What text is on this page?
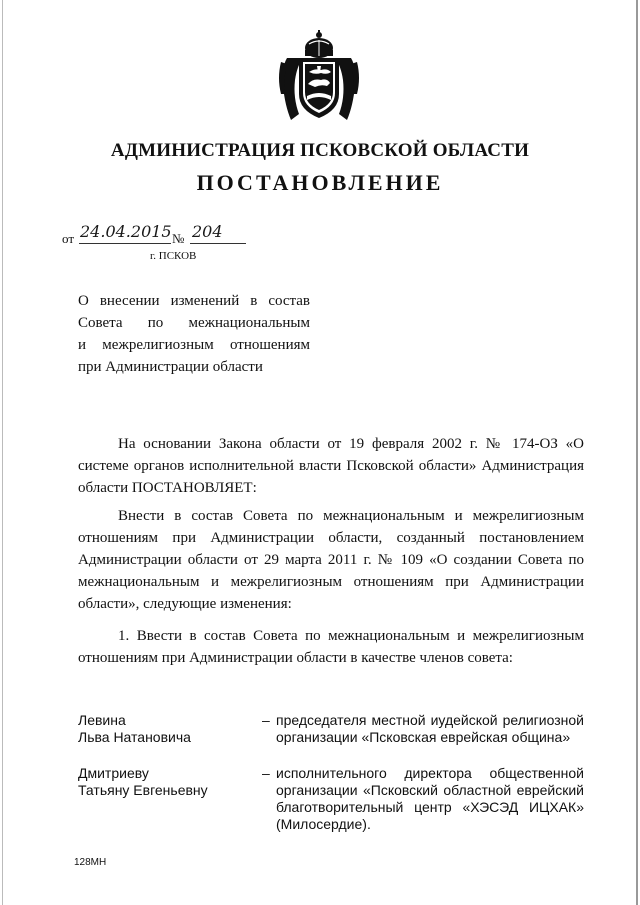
АДМИНИСТРАЦИЯ ПСКОВСКОЙ ОБЛАСТИ
ПОСТАНОВЛЕНИЕ
от 24.04.2015 № 204
г. ПСКОВ
О внесении изменений в состав
Совета по межнациональным
и межрелигиозным отношениям
при Администрации области
На основании Закона области от 19 февраля 2002 г. № 174-ОЗ «О системе органов исполнительной власти Псковской области» Администрация области ПОСТАНОВЛЯЕТ:
Внести в состав Совета по межнациональным и межрелигиозным отношениям при Администрации области, созданный постановлением Администрации области от 29 марта 2011 г. № 109 «О создании Совета по межнациональным и межрелигиозным отношениям при Администрации области», следующие изменения:
1. Ввести в состав Совета по межнациональным и межрелигиозным отношениям при Администрации области в качестве членов совета:
Левина
Льва Натановича
– председателя местной иудейской религиозной организации «Псковская еврейская община»
Дмитриеву
Татьяну Евгеньевну
– исполнительного директора общественной организации «Псковский областной еврейский благотворительный центр «ХЭСЭД ИЦХАК» (Милосердие).
128МН
